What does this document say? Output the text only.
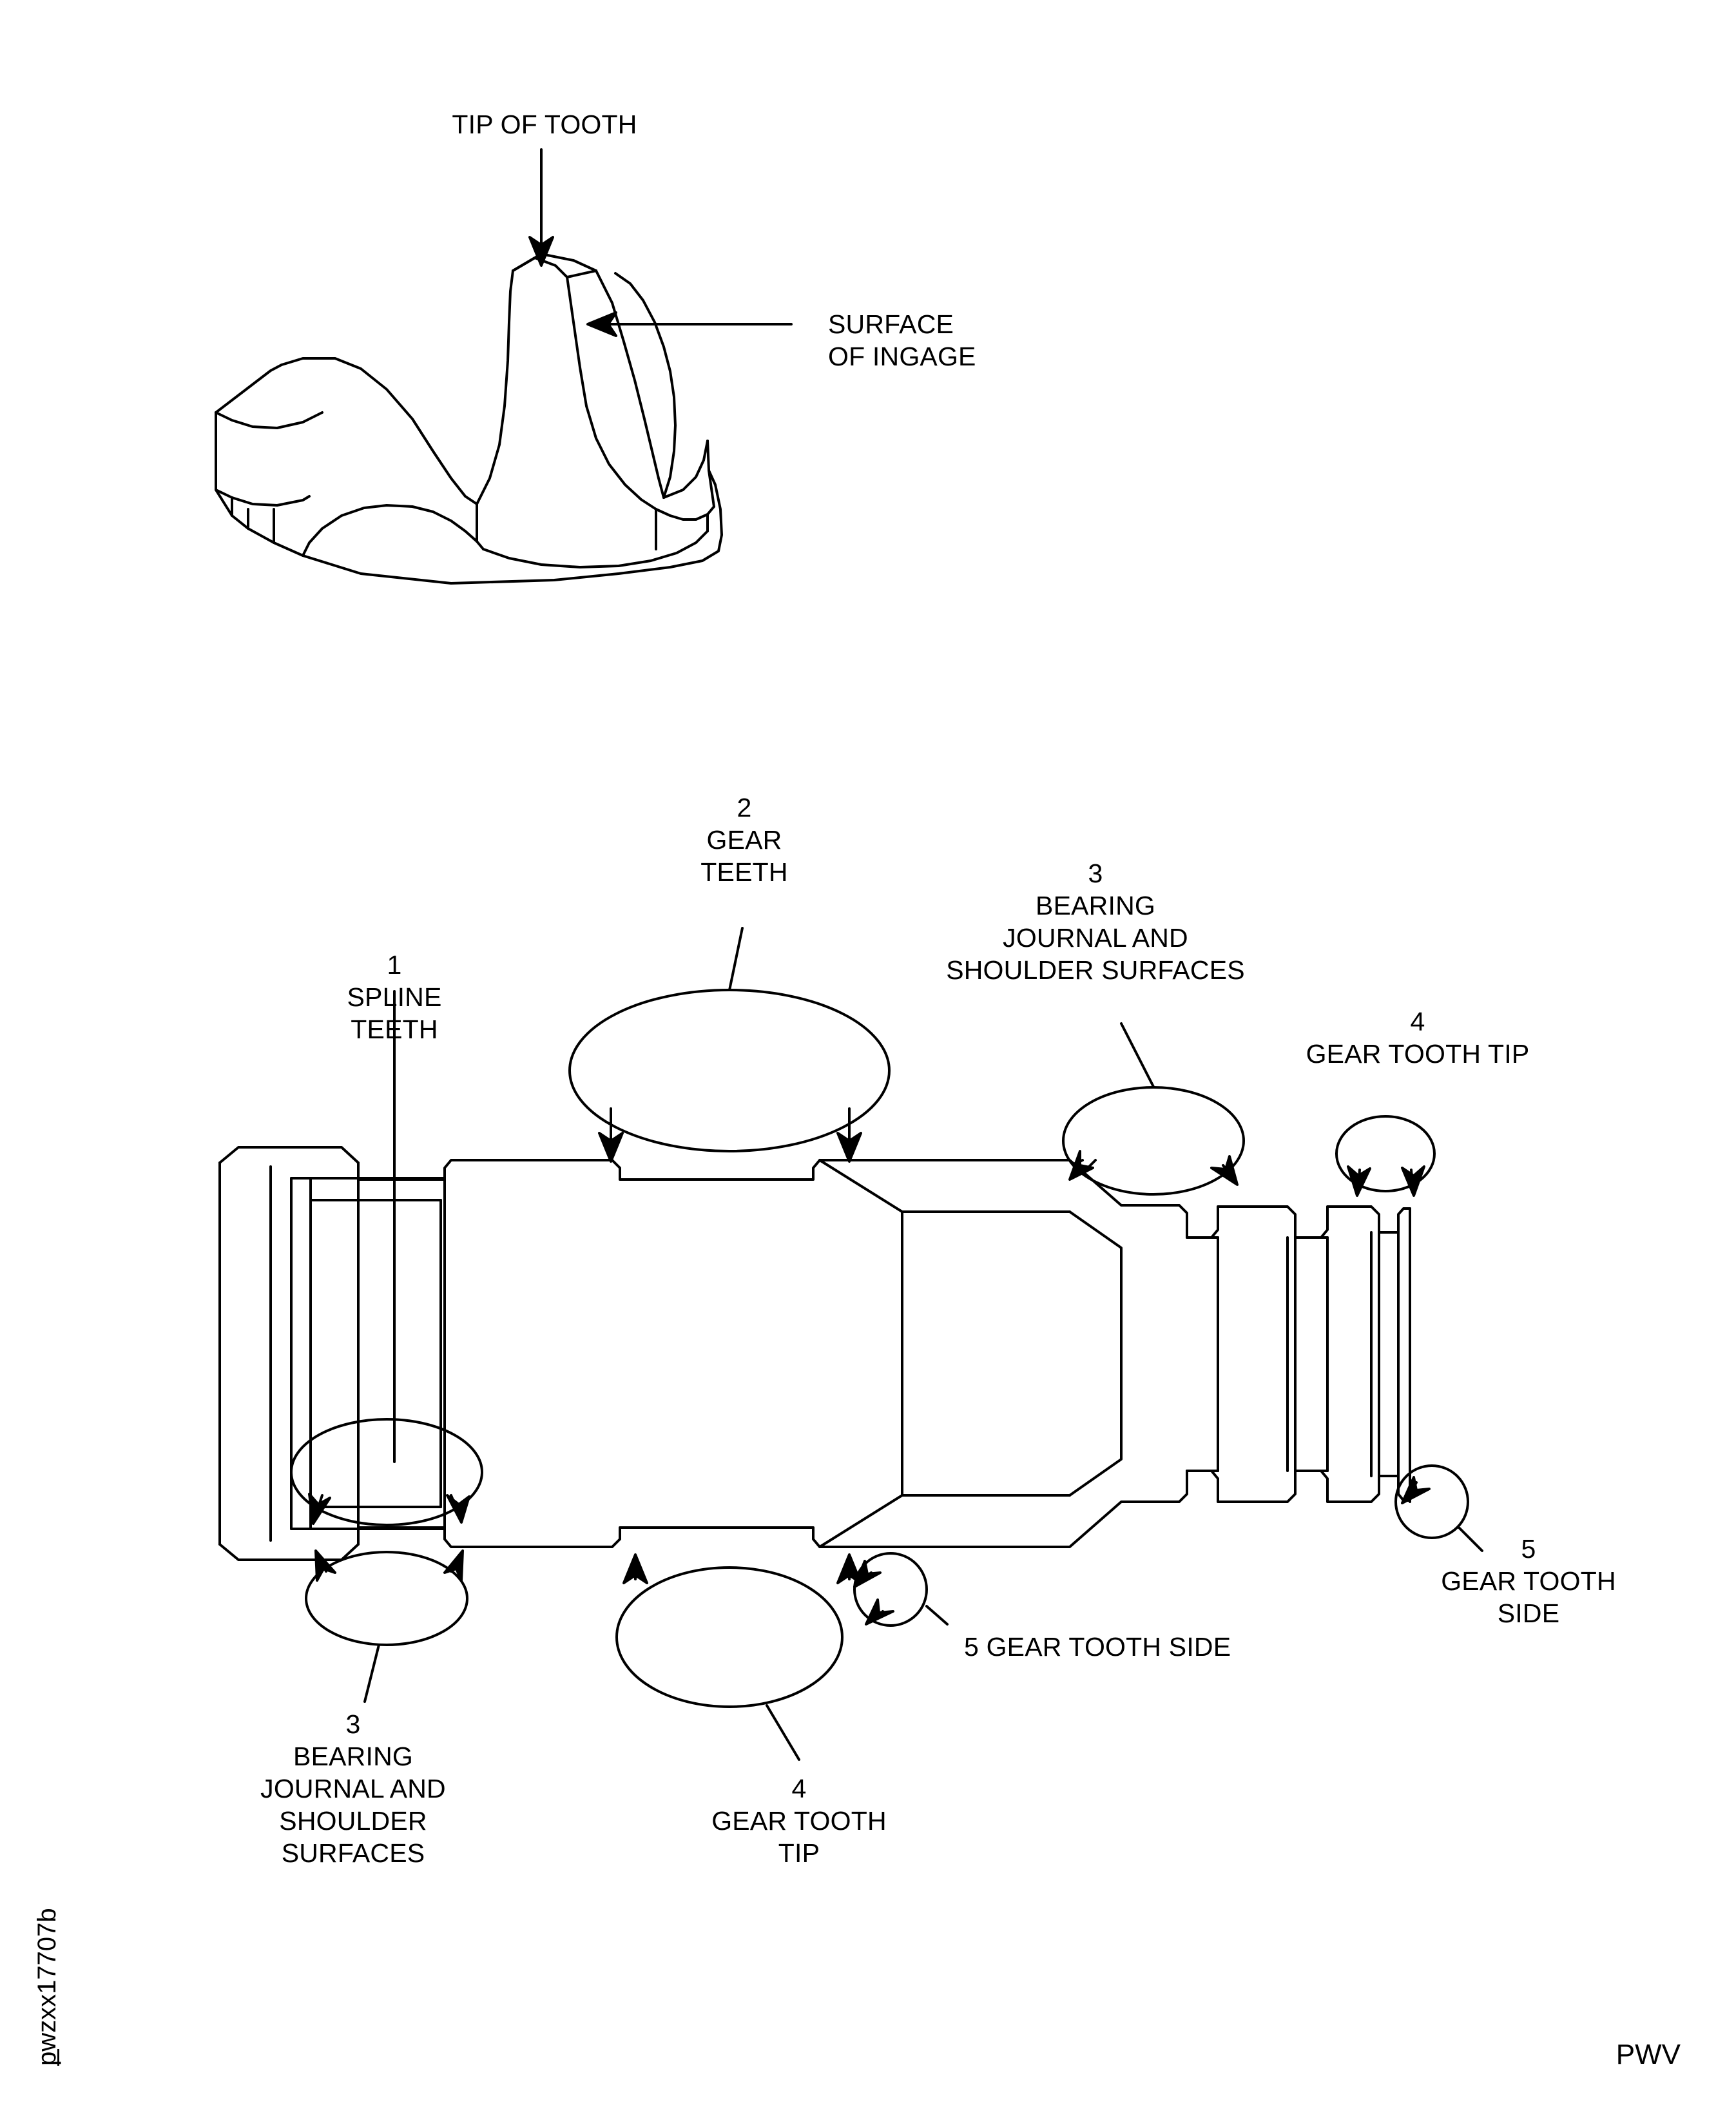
TIP OF TOOTH
SURFACE
OF INGAGE
2
GEAR
TEETH	3
BEARING
JOURNAL AND
SHOULDER SURFACES
4
GEAR TOOTH TIP
1
SPLINE
TEETH
5
GEAR TOOTH
SIDE
5 GEAR TOOTH SIDE
3
BEARING
JOURNAL AND
SHOULDER
SURFACES
4
GEAR TOOTH
TIP
pwzxx17707b	PWV
